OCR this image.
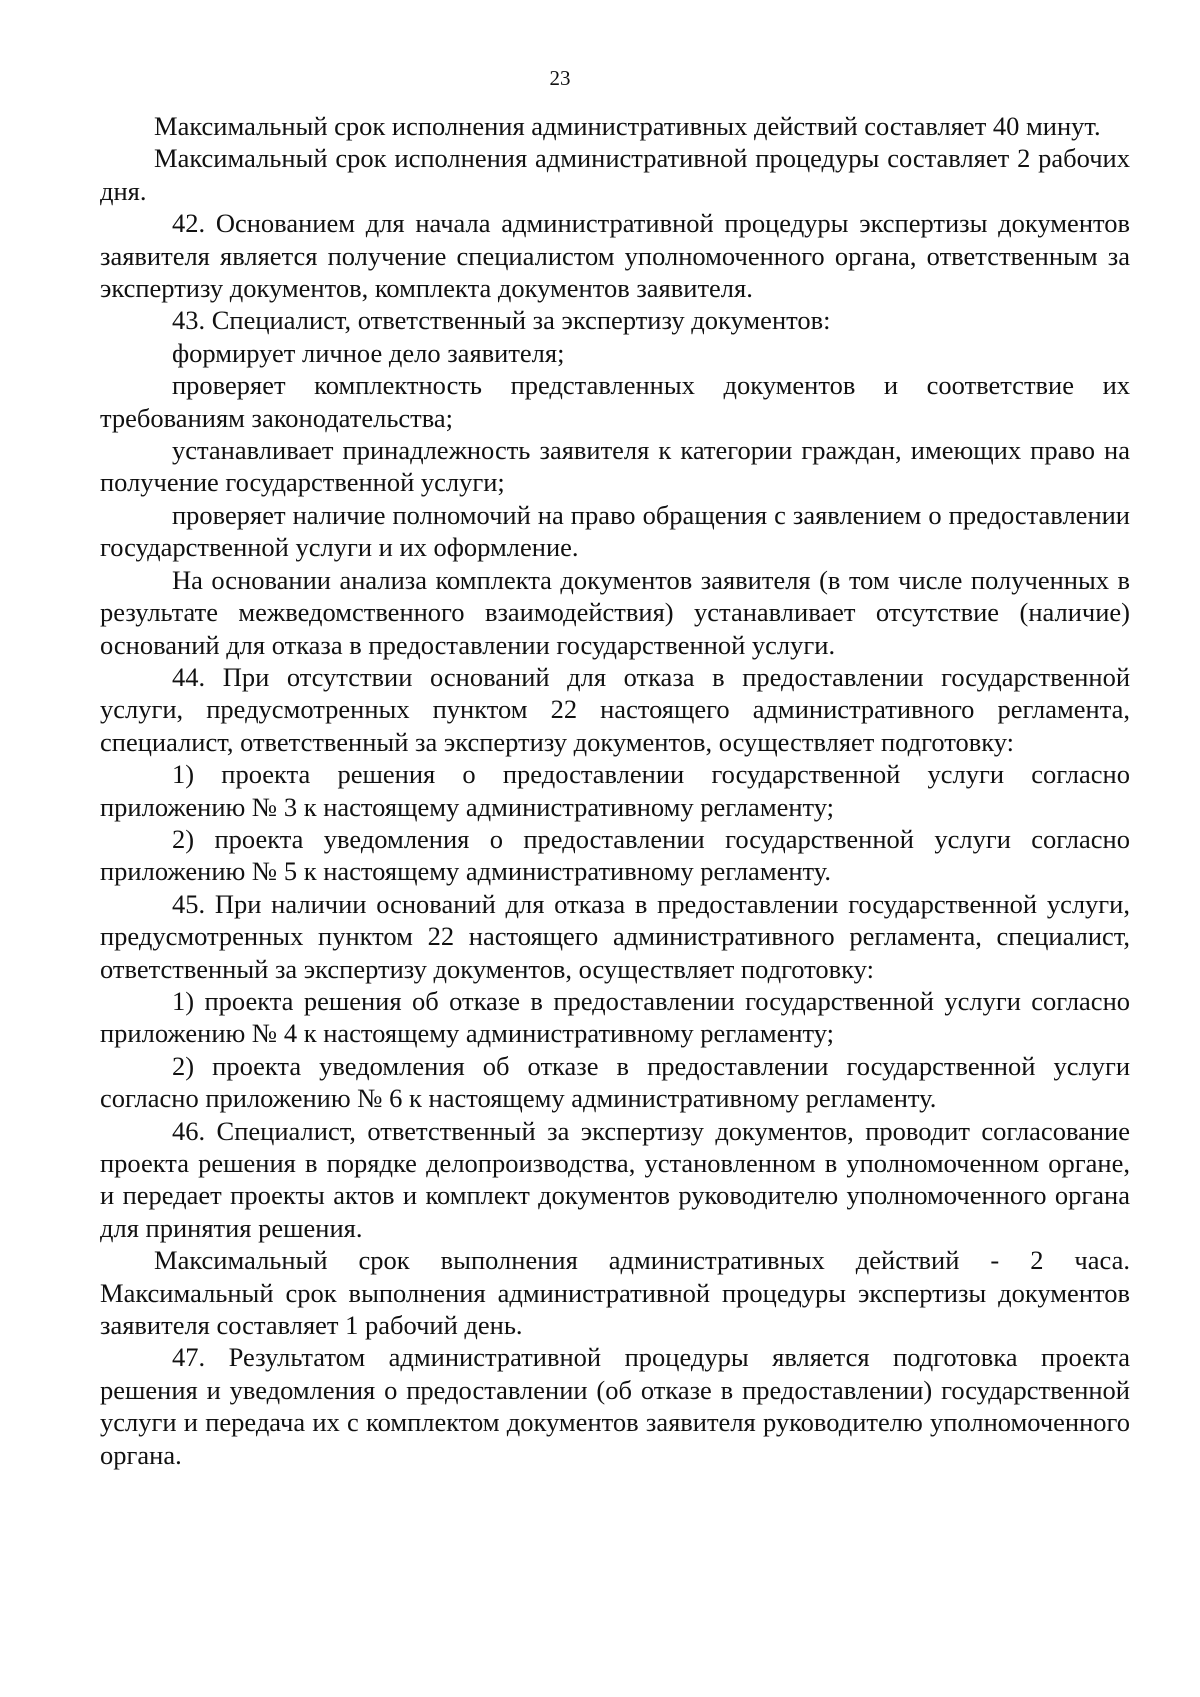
23

Максимальный срок исполнения административных действий составляет 40 минут.

Максимальный срок исполнения административной процедуры составляет 2 рабочих дня.

42. Основанием для начала административной процедуры экспертизы документов заявителя является получение специалистом уполномоченного органа, ответственным за экспертизу документов, комплекта документов заявителя.

43. Специалист, ответственный за экспертизу документов:

формирует личное дело заявителя;

проверяет комплектность представленных документов и соответствие их требованиям законодательства;

устанавливает принадлежность заявителя к категории граждан, имеющих право на получение государственной услуги;

проверяет наличие полномочий на право обращения с заявлением о предоставлении государственной услуги и их оформление.

На основании анализа комплекта документов заявителя (в том числе полученных в результате межведомственного взаимодействия) устанавливает отсутствие (наличие) оснований для отказа в предоставлении государственной услуги.

44. При отсутствии оснований для отказа в предоставлении государственной услуги, предусмотренных пунктом 22 настоящего административного регламента, специалист, ответственный за экспертизу документов, осуществляет подготовку:

1) проекта решения о предоставлении государственной услуги согласно приложению № 3 к настоящему административному регламенту;

2) проекта уведомления о предоставлении государственной услуги согласно приложению № 5 к настоящему административному регламенту.

45. При наличии оснований для отказа в предоставлении государственной услуги, предусмотренных пунктом 22 настоящего административного регламента, специалист, ответственный за экспертизу документов, осуществляет подготовку:

1) проекта решения об отказе в предоставлении государственной услуги согласно приложению № 4 к настоящему административному регламенту;

2) проекта уведомления об отказе в предоставлении государственной услуги согласно приложению № 6 к настоящему административному регламенту.

46. Специалист, ответственный за экспертизу документов, проводит согласование проекта решения в порядке делопроизводства, установленном в уполномоченном органе, и передает проекты актов и комплект документов руководителю уполномоченного органа для принятия решения.

Максимальный срок выполнения административных действий - 2 часа. Максимальный срок выполнения административной процедуры экспертизы документов заявителя составляет 1 рабочий день.

47. Результатом административной процедуры является подготовка проекта решения и уведомления о предоставлении (об отказе в предоставлении) государственной услуги и передача их с комплектом документов заявителя руководителю уполномоченного органа.
